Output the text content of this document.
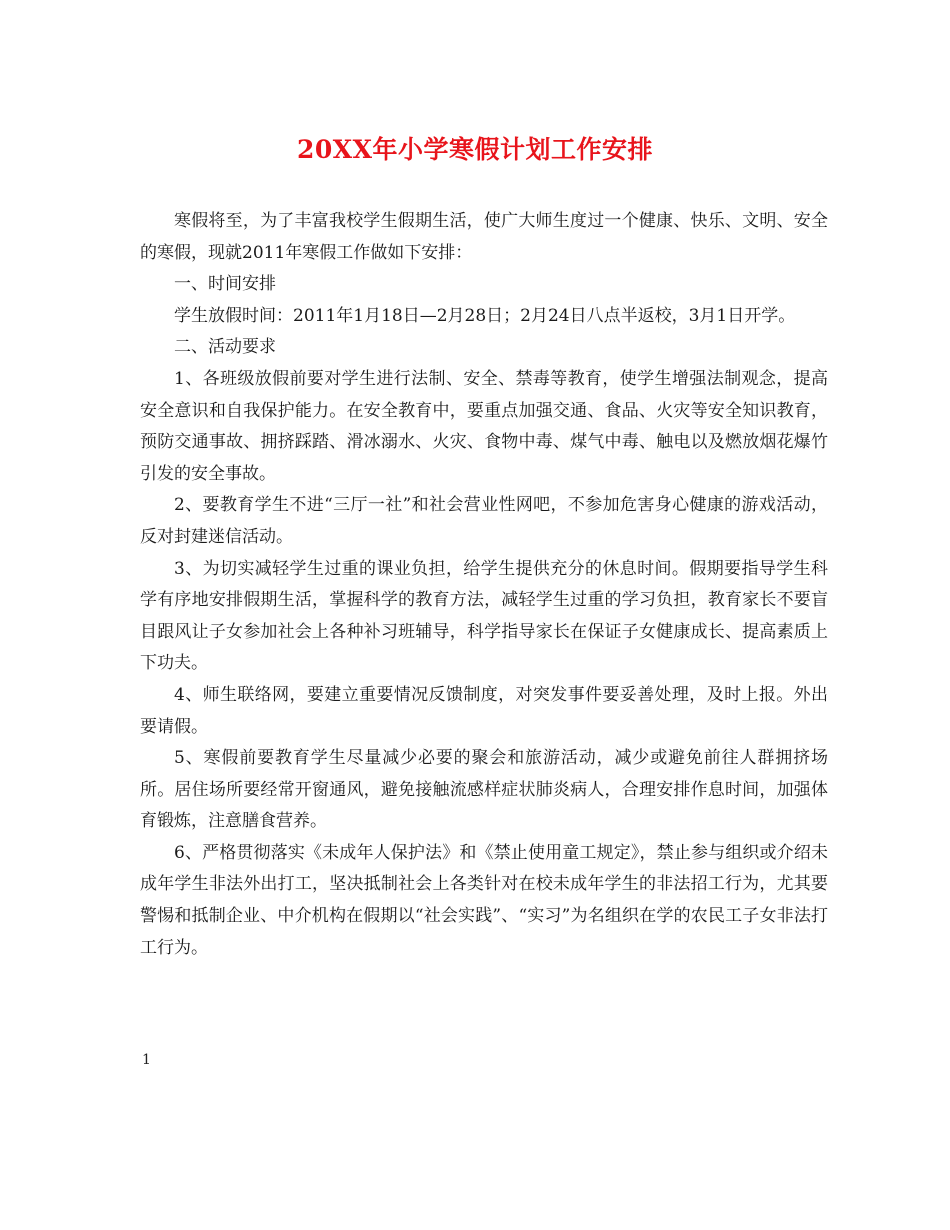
20XX年小学寒假计划工作安排

寒假将至，为了丰富我校学生假期生活，使广大师生度过一个健康、快乐、文明、安全的寒假，现就2011年寒假工作做如下安排：

一、时间安排

学生放假时间：2011年1月18日—2月28日；2月24日八点半返校，3月1日开学。

二、活动要求

1、各班级放假前要对学生进行法制、安全、禁毒等教育，使学生增强法制观念，提高安全意识和自我保护能力。在安全教育中，要重点加强交通、食品、火灾等安全知识教育，预防交通事故、拥挤踩踏、滑冰溺水、火灾、食物中毒、煤气中毒、触电以及燃放烟花爆竹引发的安全事故。

2、要教育学生不进“三厅一社”和社会营业性网吧，不参加危害身心健康的游戏活动，反对封建迷信活动。

3、为切实减轻学生过重的课业负担，给学生提供充分的休息时间。假期要指导学生科学有序地安排假期生活，掌握科学的教育方法，减轻学生过重的学习负担，教育家长不要盲目跟风让子女参加社会上各种补习班辅导，科学指导家长在保证子女健康成长、提高素质上下功夫。

4、师生联络网，要建立重要情况反馈制度，对突发事件要妥善处理，及时上报。外出要请假。

5、寒假前要教育学生尽量减少必要的聚会和旅游活动，减少或避免前往人群拥挤场所。居住场所要经常开窗通风，避免接触流感样症状肺炎病人，合理安排作息时间，加强体育锻炼，注意膳食营养。

6、严格贯彻落实《未成年人保护法》和《禁止使用童工规定》，禁止参与组织或介绍未成年学生非法外出打工，坚决抵制社会上各类针对在校未成年学生的非法招工行为，尤其要警惕和抵制企业、中介机构在假期以“社会实践”、“实习”为名组织在学的农民工子女非法打工行为。

1
